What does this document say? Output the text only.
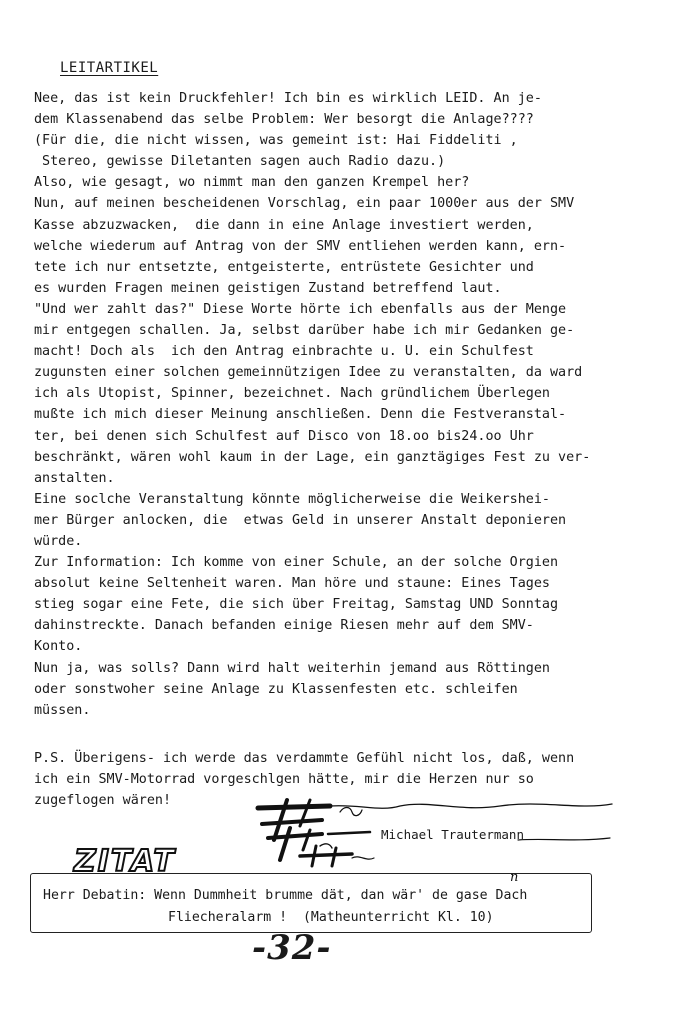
LEITARTIKEL
Nee, das ist kein Druckfehler! Ich bin es wirklich LEID. An je-
dem Klassenabend das selbe Problem: Wer besorgt die Anlage????
(Für die, die nicht wissen, was gemeint ist: Hai Fiddeliti ,
Stereo, gewisse Diletanten sagen auch Radio dazu.)
Also, wie gesagt, wo nimmt man den ganzen Krempel her?
Nun, auf meinen bescheidenen Vorschlag, ein paar 1000er aus der SMV
Kasse abzuzwacken,  die dann in eine Anlage investiert werden,
welche wiederum auf Antrag von der SMV entliehen werden kann, ern-
tete ich nur entsetzte, entgeisterte, entrüstete Gesichter und
es wurden Fragen meinen geistigen Zustand betreffend laut.
"Und wer zahlt das?" Diese Worte hörte ich ebenfalls aus der Menge
mir entgegen schallen. Ja, selbst darüber habe ich mir Gedanken ge-
macht! Doch als  ich den Antrag einbrachte u. U. ein Schulfest
zugunsten einer solchen gemeinnützigen Idee zu veranstalten, da ward
ich als Utopist, Spinner, bezeichnet. Nach gründlichem Überlegen
mußte ich mich dieser Meinung anschließen. Denn die Festveranstal-
ter, bei denen sich Schulfest auf Disco von 18.oo bis24.oo Uhr
beschränkt, wären wohl kaum in der Lage, ein ganztägiges Fest zu ver-
anstalten.
Eine soclche Veranstaltung könnte möglicherweise die Weikershei-
mer Bürger anlocken, die  etwas Geld in unserer Anstalt deponieren
würde.
Zur Information: Ich komme von einer Schule, an der solche Orgien
absolut keine Seltenheit waren. Man höre und staune: Eines Tages
stieg sogar eine Fete, die sich über Freitag, Samstag UND Sonntag
dahinstreckte. Danach befanden einige Riesen mehr auf dem SMV-
Konto.
Nun ja, was solls? Dann wird halt weiterhin jemand aus Röttingen
oder sonstwoher seine Anlage zu Klassenfesten etc. schleifen
müssen.
P.S. Überigens- ich werde das verdammte Gefühl nicht los, daß, wenn
ich ein SMV-Motorrad vorgeschlgen hätte, mir die Herzen nur so
zugeflogen wären!
Michael Trautermann
ZITAT
Herr Debatin: Wenn Dummheit brumme dät, dan wär' de gase Dach
Fliecheralarm !  (Matheunterricht Kl. 10)
n
-32-
